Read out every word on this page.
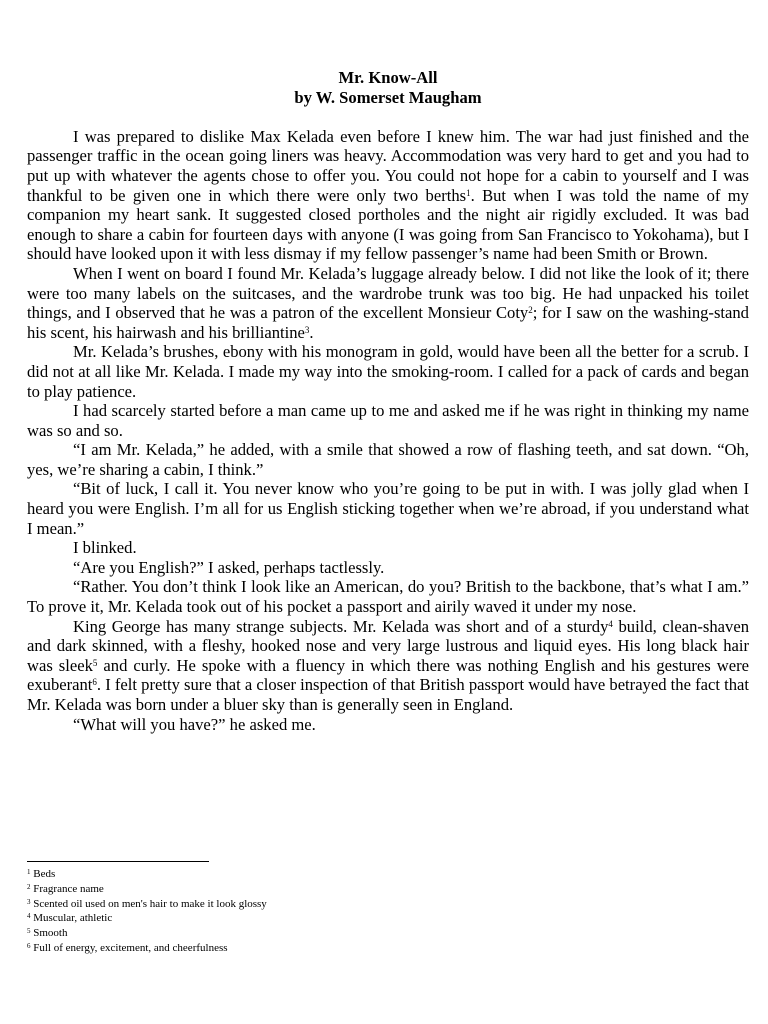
Mr. Know-All

by W. Somerset Maugham

I was prepared to dislike Max Kelada even before I knew him. The war had just finished and the passenger traffic in the ocean going liners was heavy. Accommodation was very hard to get and you had to put up with whatever the agents chose to offer you. You could not hope for a cabin to yourself and I was thankful to be given one in which there were only two berths$^1$. But when I was told the name of my companion my heart sank. It suggested closed portholes and the night air rigidly excluded. It was bad enough to share a cabin for fourteen days with anyone (I was going from San Francisco to Yokohama), but I should have looked upon it with less dismay if my fellow passenger’s name had been Smith or Brown.

When I went on board I found Mr. Kelada’s luggage already below. I did not like the look of it; there were too many labels on the suitcases, and the wardrobe trunk was too big. He had unpacked his toilet things, and I observed that he was a patron of the excellent Monsieur Coty$^2$; for I saw on the washing-stand his scent, his hairwash and his brilliantine$^3$.

Mr. Kelada’s brushes, ebony with his monogram in gold, would have been all the better for a scrub. I did not at all like Mr. Kelada. I made my way into the smoking-room. I called for a pack of cards and began to play patience.

I had scarcely started before a man came up to me and asked me if he was right in thinking my name was so and so.

“I am Mr. Kelada,” he added, with a smile that showed a row of flashing teeth, and sat down. “Oh, yes, we’re sharing a cabin, I think.”

“Bit of luck, I call it. You never know who you’re going to be put in with. I was jolly glad when I heard you were English. I’m all for us English sticking together when we’re abroad, if you understand what I mean.”

I blinked.

“Are you English?” I asked, perhaps tactlessly.

“Rather. You don’t think I look like an American, do you? British to the backbone, that’s what I am.” To prove it, Mr. Kelada took out of his pocket a passport and airily waved it under my nose.

King George has many strange subjects. Mr. Kelada was short and of a sturdy$^4$ build, clean-shaven and dark skinned, with a fleshy, hooked nose and very large lustrous and liquid eyes. His long black hair was sleek$^5$ and curly. He spoke with a fluency in which there was nothing English and his gestures were exuberant$^6$. I felt pretty sure that a closer inspection of that British passport would have betrayed the fact that Mr. Kelada was born under a bluer sky than is generally seen in England.

“What will you have?” he asked me.

$^1$ Beds
$^2$ Fragrance name
$^3$ Scented oil used on men's hair to make it look glossy
$^4$ Muscular, athletic
$^5$ Smooth
$^6$ Full of energy, excitement, and cheerfulness
